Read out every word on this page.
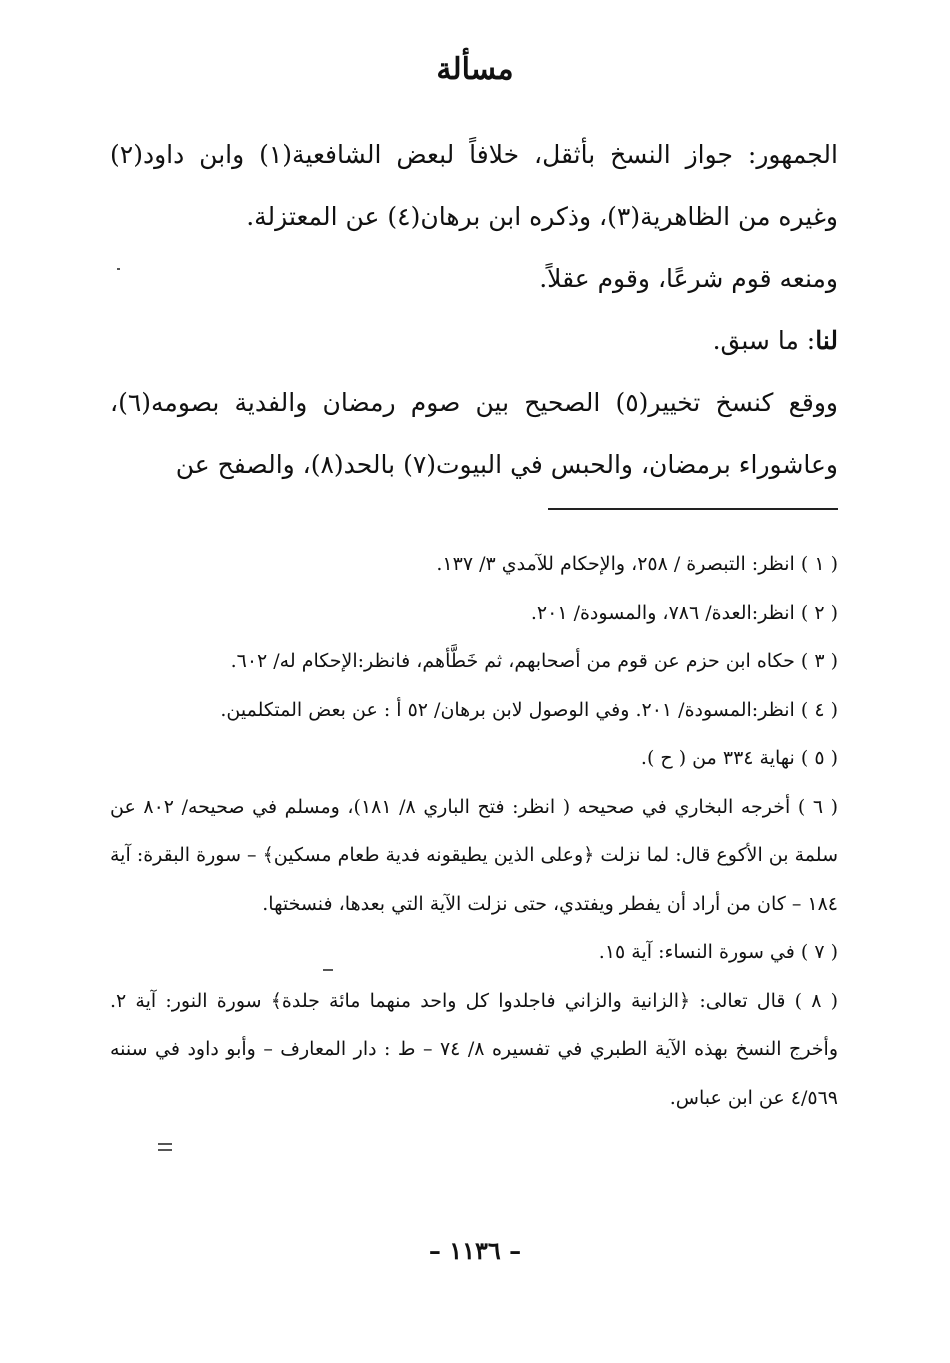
مسألة

الجمهور: جواز النسخ بأثقل، خلافاً لبعض الشافعية(١) وابن داود(٢) وغيره من الظاهرية(٣)، وذكره ابن برهان(٤) عن المعتزلة.

ومنعه قوم شرعًا، وقوم عقلاً.

لنا: ما سبق.

ووقع كنسخ تخيير(٥) الصحيح بين صوم رمضان والفدية بصومه(٦)، وعاشوراء برمضان، والحبس في البيوت(٧) بالحد(٨)، والصفح عن

( ١ ) انظر: التبصرة / ٢٥٨، والإحكام للآمدي ٣/ ١٣٧.

( ٢ ) انظر:العدة/ ٧٨٦، والمسودة/ ٢٠١.

( ٣ ) حكاه ابن حزم عن قوم من أصحابهم، ثم خَطَّأهم، فانظر:الإحكام له/ ٦٠٢.

( ٤ ) انظر:المسودة/ ٢٠١. وفي الوصول لابن برهان/ ٥٢ أ : عن بعض المتكلمين.

( ٥ ) نهاية ٣٣٤ من ( ح ).

( ٦ ) أخرجه البخاري في صحيحه ( انظر: فتح الباري ٨/ ١٨١)، ومسلم في صحيحه/ ٨٠٢ عن سلمة بن الأكوع قال: لما نزلت ﴿وعلى الذين يطيقونه فدية طعام مسكين﴾ – سورة البقرة: آية ١٨٤ – كان من أراد أن يفطر ويفتدي، حتى نزلت الآية التي بعدها، فنسختها.

( ٧ ) في سورة النساء: آية ١٥.

( ٨ ) قال تعالى: ﴿الزانية والزاني فاجلدوا كل واحد منهما مائة جلدة﴾ سورة النور: آية ٢. وأخرج النسخ بهذه الآية الطبري في تفسيره ٨/ ٧٤ – ط : دار المعارف – وأبو داود في سننه ٤/٥٦٩ عن ابن عباس.

– ١١٣٦ –
